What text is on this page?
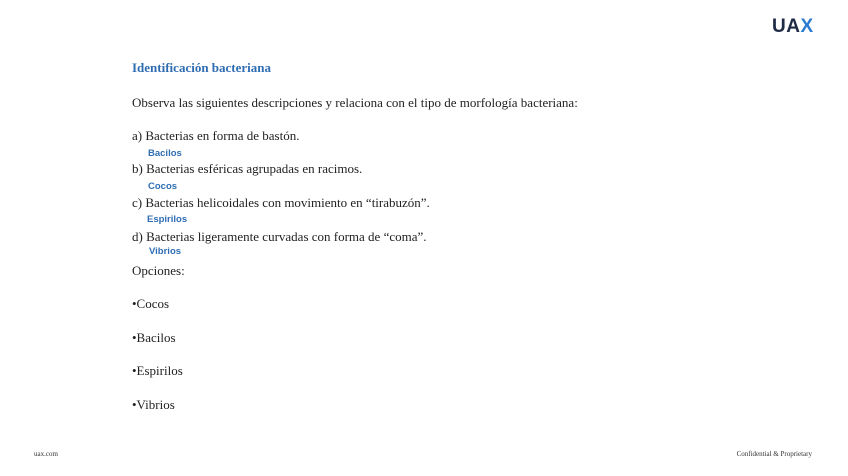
UAX
Identificación bacteriana
Observa las siguientes descripciones y relaciona con el tipo de morfología bacteriana:
a) Bacterias en forma de bastón.
Bacilos
b) Bacterias esféricas agrupadas en racimos.
Cocos
c) Bacterias helicoidales con movimiento en “tirabuzón”.
Espirilos
d) Bacterias ligeramente curvadas con forma de “coma”.
Vibrios
Opciones:
•Cocos
•Bacilos
•Espirilos
•Vibrios
uax.com	Confidential & Proprietary
